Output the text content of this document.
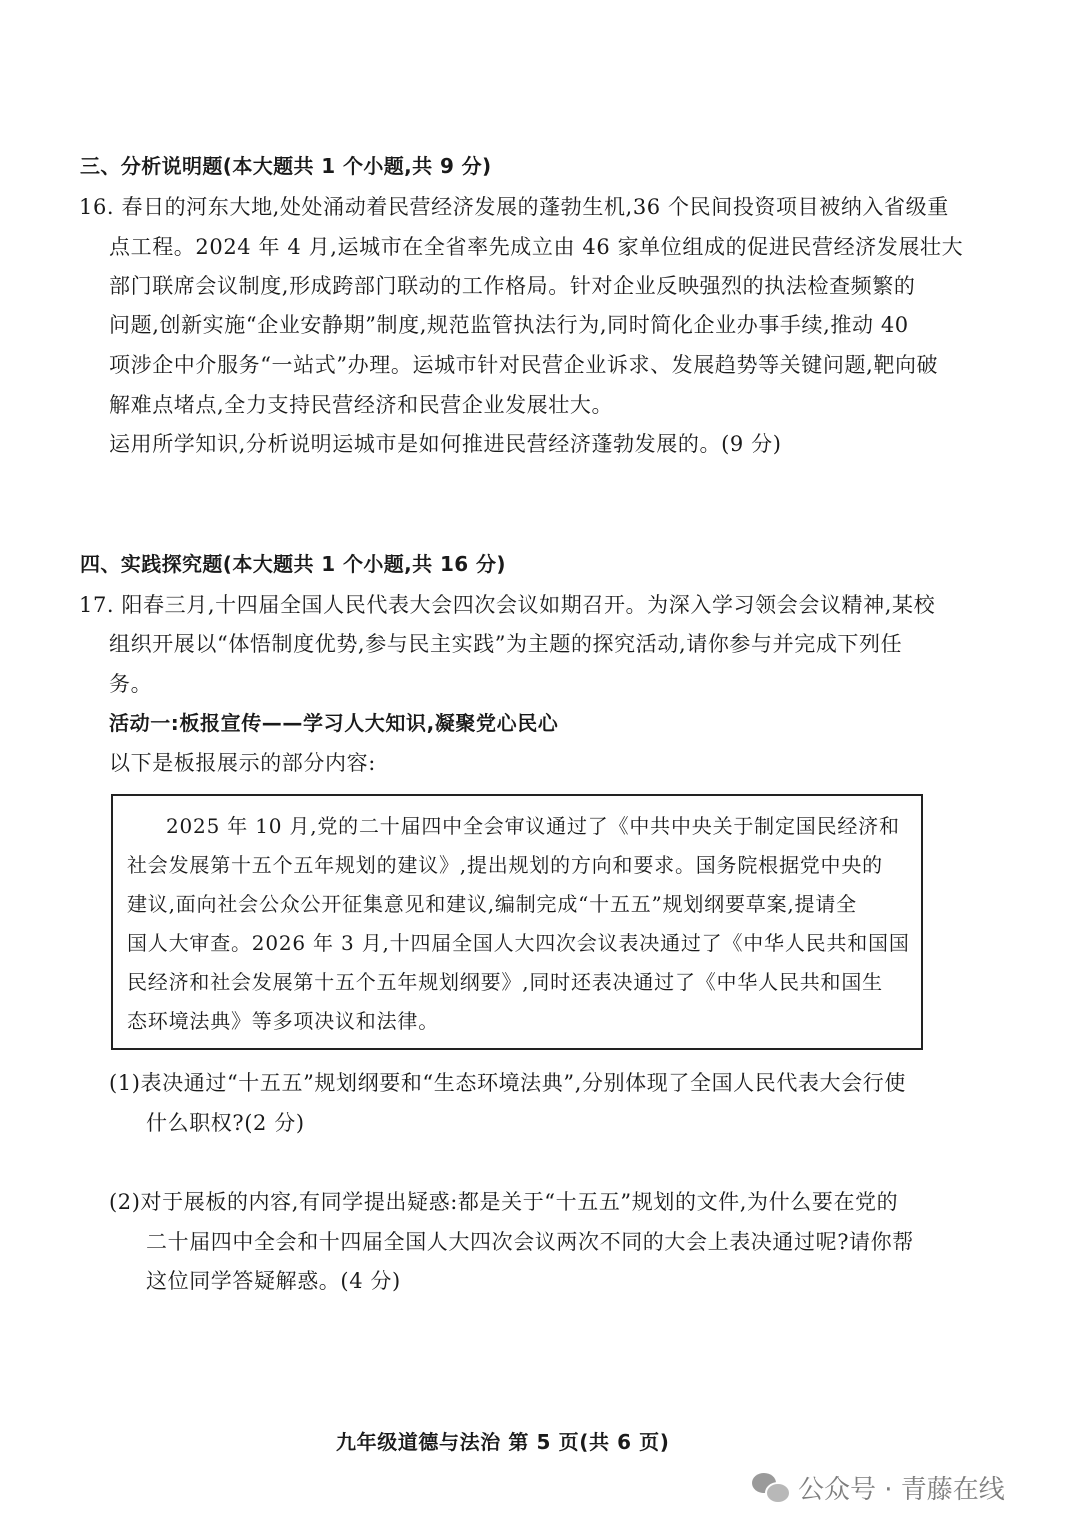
三、分析说明题(本大题共 1 个小题,共 9 分)
16. 春日的河东大地,处处涌动着民营经济发展的蓬勃生机,36 个民间投资项目被纳入省级重
点工程。2024 年 4 月,运城市在全省率先成立由 46 家单位组成的促进民营经济发展壮大
部门联席会议制度,形成跨部门联动的工作格局。针对企业反映强烈的执法检查频繁的
问题,创新实施“企业安静期”制度,规范监管执法行为,同时简化企业办事手续,推动 40
项涉企中介服务“一站式”办理。运城市针对民营企业诉求、发展趋势等关键问题,靶向破
解难点堵点,全力支持民营经济和民营企业发展壮大。
运用所学知识,分析说明运城市是如何推进民营经济蓬勃发展的。(9 分)
四、实践探究题(本大题共 1 个小题,共 16 分)
17. 阳春三月,十四届全国人民代表大会四次会议如期召开。为深入学习领会会议精神,某校
组织开展以“体悟制度优势,参与民主实践”为主题的探究活动,请你参与并完成下列任
务。
活动一:板报宣传——学习人大知识,凝聚党心民心
以下是板报展示的部分内容:
2025 年 10 月,党的二十届四中全会审议通过了《中共中央关于制定国民经济和
社会发展第十五个五年规划的建议》,提出规划的方向和要求。国务院根据党中央的
建议,面向社会公众公开征集意见和建议,编制完成“十五五”规划纲要草案,提请全
国人大审查。2026 年 3 月,十四届全国人大四次会议表决通过了《中华人民共和国国
民经济和社会发展第十五个五年规划纲要》,同时还表决通过了《中华人民共和国生
态环境法典》等多项决议和法律。
(1)表决通过“十五五”规划纲要和“生态环境法典”,分别体现了全国人民代表大会行使
什么职权?(2 分)
(2)对于展板的内容,有同学提出疑惑:都是关于“十五五”规划的文件,为什么要在党的
二十届四中全会和十四届全国人大四次会议两次不同的大会上表决通过呢?请你帮
这位同学答疑解惑。(4 分)
九年级道德与法治 第 5 页(共 6 页)
公众号 · 青藤在线
